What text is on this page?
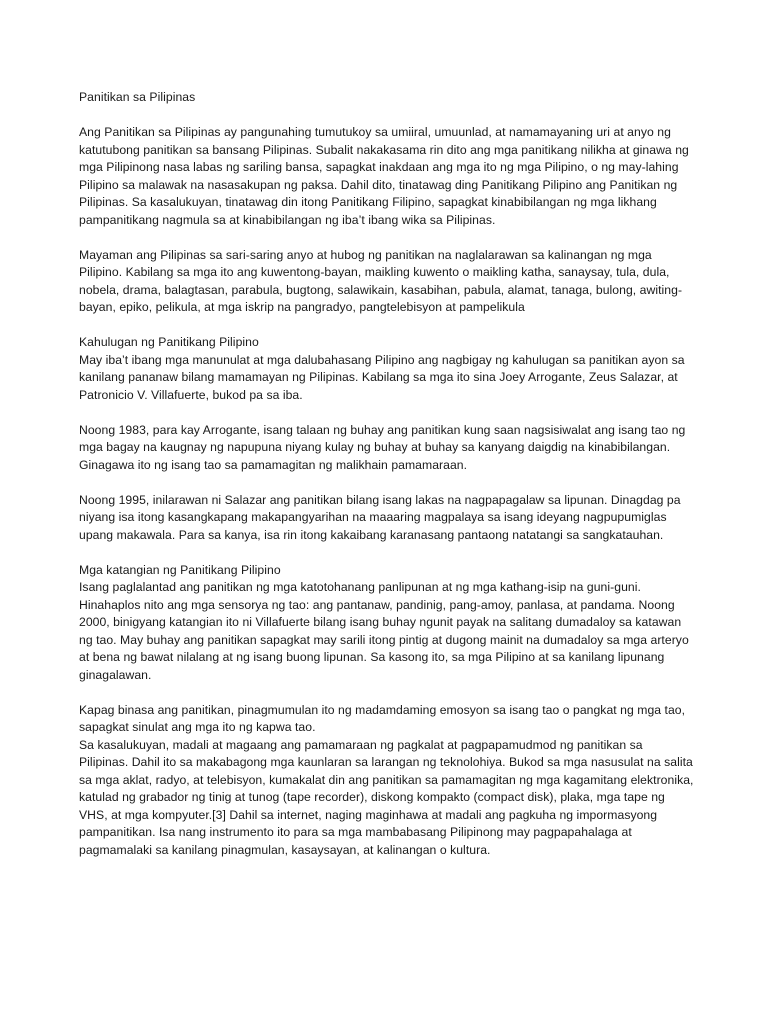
Panitikan sa Pilipinas

Ang Panitikan sa Pilipinas ay pangunahing tumutukoy sa umiiral, umuunlad, at namamayaning uri at anyo ng katutubong panitikan sa bansang Pilipinas. Subalit nakakasama rin dito ang mga panitikang nilikha at ginawa ng mga Pilipinong nasa labas ng sariling bansa, sapagkat inakdaan ang mga ito ng mga Pilipino, o ng may-lahing Pilipino sa malawak na nasasakupan ng paksa. Dahil dito, tinatawag ding Panitikang Pilipino ang Panitikan ng Pilipinas. Sa kasalukuyan, tinatawag din itong Panitikang Filipino, sapagkat kinabibilangan ng mga likhang pampanitikang nagmula sa at kinabibilangan ng iba’t ibang wika sa Pilipinas.

Mayaman ang Pilipinas sa sari-saring anyo at hubog ng panitikan na naglalarawan sa kalinangan ng mga Pilipino. Kabilang sa mga ito ang kuwentong-bayan, maikling kuwento o maikling katha, sanaysay, tula, dula, nobela, drama, balagtasan, parabula, bugtong, salawikain, kasabihan, pabula, alamat, tanaga, bulong, awiting-bayan, epiko, pelikula, at mga iskrip na pangradyo, pangtelebisyon at pampelikula

Kahulugan ng Panitikang Pilipino

May iba’t ibang mga manunulat at mga dalubahasang Pilipino ang nagbigay ng kahulugan sa panitikan ayon sa kanilang pananaw bilang mamamayan ng Pilipinas. Kabilang sa mga ito sina Joey Arrogante, Zeus Salazar, at Patronicio V. Villafuerte, bukod pa sa iba.

Noong 1983, para kay Arrogante, isang talaan ng buhay ang panitikan kung saan nagsisiwalat ang isang tao ng mga bagay na kaugnay ng napupuna niyang kulay ng buhay at buhay sa kanyang daigdig na kinabibilangan. Ginagawa ito ng isang tao sa pamamagitan ng malikhain pamamaraan.

Noong 1995, inilarawan ni Salazar ang panitikan bilang isang lakas na nagpapagalaw sa lipunan. Dinagdag pa niyang isa itong kasangkapang makapangyarihan na maaaring magpalaya sa isang ideyang nagpupumiglas upang makawala. Para sa kanya, isa rin itong kakaibang karanasang pantaong natatangi sa sangkatauhan.

Mga katangian ng Panitikang Pilipino

Isang paglalantad ang panitikan ng mga katotohanang panlipunan at ng mga kathang-isip na guni-guni. Hinahaplos nito ang mga sensorya ng tao: ang pantanaw, pandinig, pang-amoy, panlasa, at pandama. Noong 2000, binigyang katangian ito ni Villafuerte bilang isang buhay ngunit payak na salitang dumadaloy sa katawan ng tao. May buhay ang panitikan sapagkat may sarili itong pintig at dugong mainit na dumadaloy sa mga arteryo at bena ng bawat nilalang at ng isang buong lipunan. Sa kasong ito, sa mga Pilipino at sa kanilang lipunang ginagalawan.

Kapag binasa ang panitikan, pinagmumulan ito ng madamdaming emosyon sa isang tao o pangkat ng mga tao, sapagkat sinulat ang mga ito ng kapwa tao.

Sa kasalukuyan, madali at magaang ang pamamaraan ng pagkalat at pagpapamudmod ng panitikan sa Pilipinas. Dahil ito sa makabagong mga kaunlaran sa larangan ng teknolohiya. Bukod sa mga nasusulat na salita sa mga aklat, radyo, at telebisyon, kumakalat din ang panitikan sa pamamagitan ng mga kagamitang elektronika, katulad ng grabador ng tinig at tunog (tape recorder), diskong kompakto (compact disk), plaka, mga tape ng VHS, at mga kompyuter.[3] Dahil sa internet, naging maginhawa at madali ang pagkuha ng impormasyong pampanitikan. Isa nang instrumento ito para sa mga mambabasang Pilipinong may pagpapahalaga at pagmamalaki sa kanilang pinagmulan, kasaysayan, at kalinangan o kultura.
